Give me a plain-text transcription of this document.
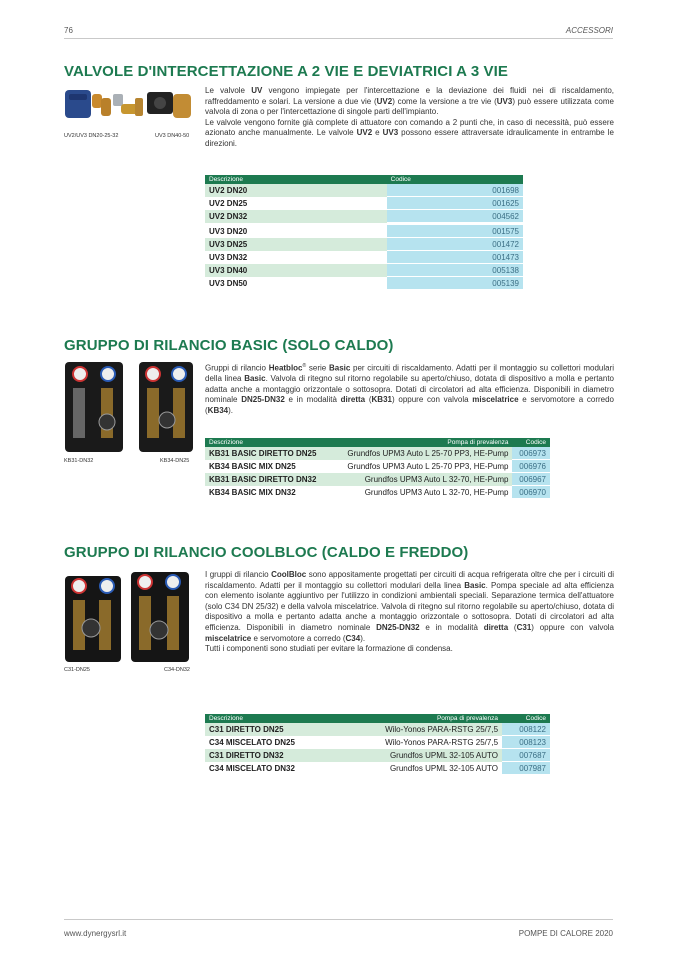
76	ACCESSORI
VALVOLE D'INTERCETTAZIONE A 2 VIE E DEVIATRICI A 3 VIE
UV2/UV3 DN20-25-32	UV3 DN40-50

Le valvole UV vengono impiegate per l'intercettazione e la deviazione dei fluidi nei di riscaldamento, raffreddamento e solari. La versione a due vie (UV2) come la versione a tre vie (UV3) può essere utilizzata come valvola di zona o per l'intercettazione di singole parti dell'impianto.

Le valvole vengono fornite già complete di attuatore con comando a 2 punti che, in caso di necessità, può essere azionato anche manualmente. Le valvole UV2 e UV3 possono essere attraversate idraulicamente in entrambe le direzioni.

Descrizione	Codice
UV2 DN20	001698
UV2 DN25	001625
UV2 DN32	004562

UV3 DN20	001575
UV3 DN25	001472
UV3 DN32	001473
UV3 DN40	005138
UV3 DN50	005139
GRUPPO DI RILANCIO BASIC (SOLO CALDO)
KB31-DN32	KB34-DN25

Gruppi di rilancio Heatbloc® serie Basic per circuiti di riscaldamento. Adatti per il montaggio su collettori modulari della linea Basic. Valvola di ritegno sul ritorno regolabile su aperto/chiuso, dotata di dispositivo a molla e pertanto adatta anche a montaggio orizzontale o sottosopra. Dotati di circolatori ad alta efficienza. Disponibili in diametro nominale DN25-DN32 e in modalità diretta (KB31) oppure con valvola miscelatrice e servomotore a corredo (KB34).

Descrizione	Pompa di prevalenza	Codice
KB31 BASIC DIRETTO DN25	Grundfos UPM3 Auto L 25-70 PP3, HE-Pump	006973
KB34 BASIC MIX DN25	Grundfos UPM3 Auto L 25-70 PP3, HE-Pump	006976
KB31 BASIC DIRETTO DN32	Grundfos UPM3 Auto L 32-70, HE-Pump	006967
KB34 BASIC MIX DN32	Grundfos UPM3 Auto L 32-70, HE-Pump	006970
GRUPPO DI RILANCIO COOLBLOC (CALDO E FREDDO)
C31-DN25	C34-DN32

I gruppi di rilancio CoolBloc sono appositamente progettati per circuiti di acqua refrigerata oltre che per i circuiti di riscaldamento. Adatti per il montaggio su collettori modulari della linea Basic. Pompa speciale ad alta efficienza con elemento isolante aggiuntivo per l'utilizzo in condizioni ambientali speciali. Separazione termica dell'attuatore (solo C34 DN 25/32) e della valvola miscelatrice. Valvola di ritegno sul ritorno regolabile su aperto/chiuso, dotata di dispositivo a molla e pertanto adatta anche a montaggio orizzontale o sottosopra. Dotati di circolatori ad alta efficienza. Disponibili in diametro nominale DN25-DN32 e in modalità diretta (C31) oppure con valvola miscelatrice e servomotore a corredo (C34).

Tutti i componenti sono studiati per evitare la formazione di condensa.

Descrizione	Pompa di prevalenza	Codice
C31 DIRETTO DN25	Wilo-Yonos PARA-RSTG 25/7,5	008122
C34 MISCELATO DN25	Wilo-Yonos PARA-RSTG 25/7,5	008123
C31 DIRETTO DN32	Grundfos UPML 32-105 AUTO	007687
C34 MISCELATO DN32	Grundfos UPML 32-105 AUTO	007987
www.dynergysrl.it	POMPE DI CALORE 2020
